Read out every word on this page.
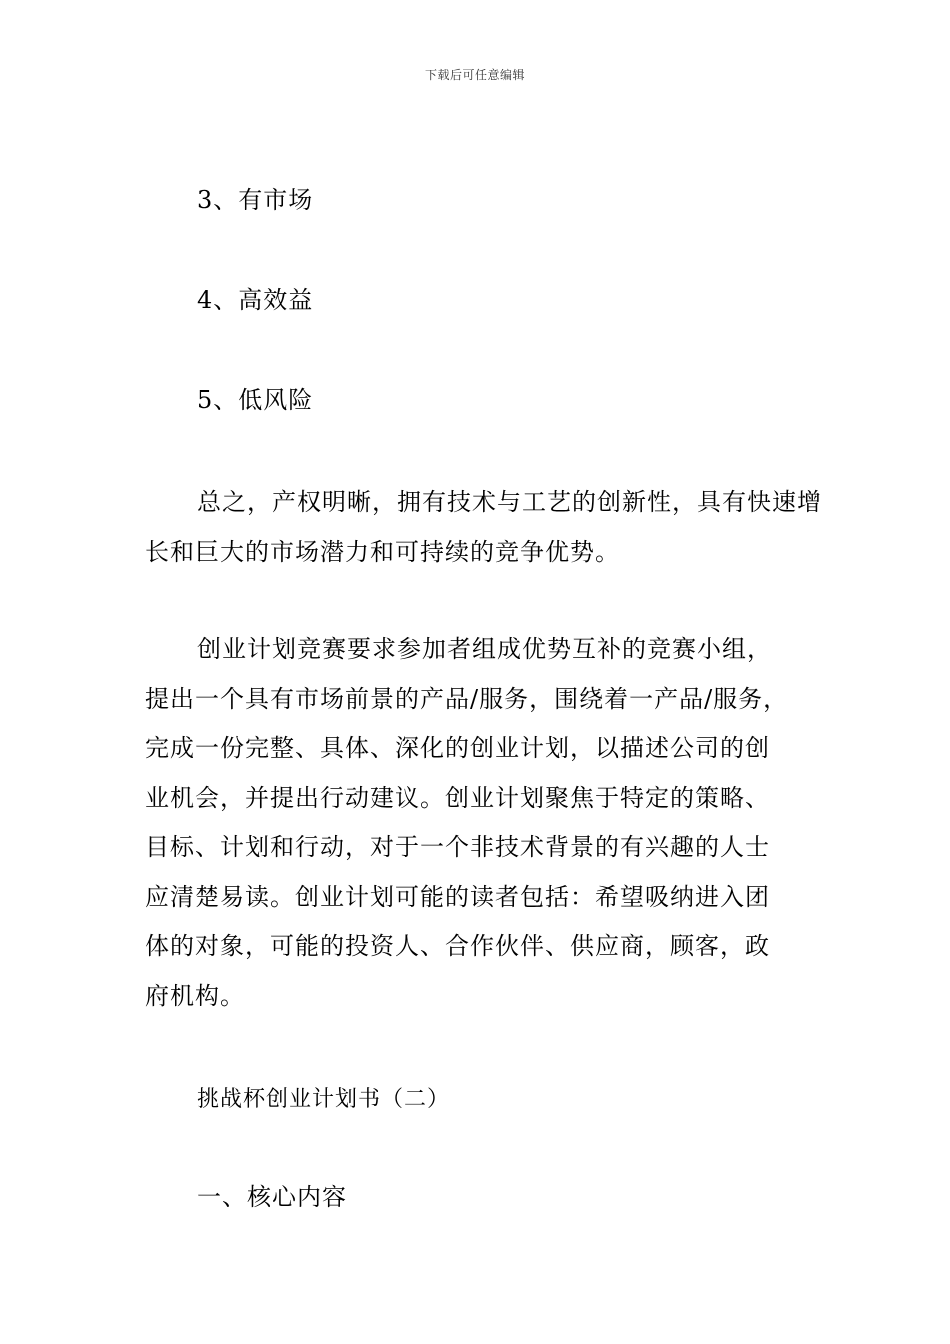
下载后可任意编辑
3、有市场
4、高效益
5、低风险
总之，产权明晰，拥有技术与工艺的创新性，具有快速增长和巨大的市场潜力和可持续的竞争优势。
创业计划竞赛要求参加者组成优势互补的竞赛小组，
提出一个具有市场前景的产品/服务，围绕着一产品/服务，
完成一份完整、具体、深化的创业计划，以描述公司的创
业机会，并提出行动建议。创业计划聚焦于特定的策略、
目标、计划和行动，对于一个非技术背景的有兴趣的人士
应清楚易读。创业计划可能的读者包括：希望吸纳进入团
体的对象，可能的投资人、合作伙伴、供应商，顾客，政
府机构。
挑战杯创业计划书（二）
一、核心内容
